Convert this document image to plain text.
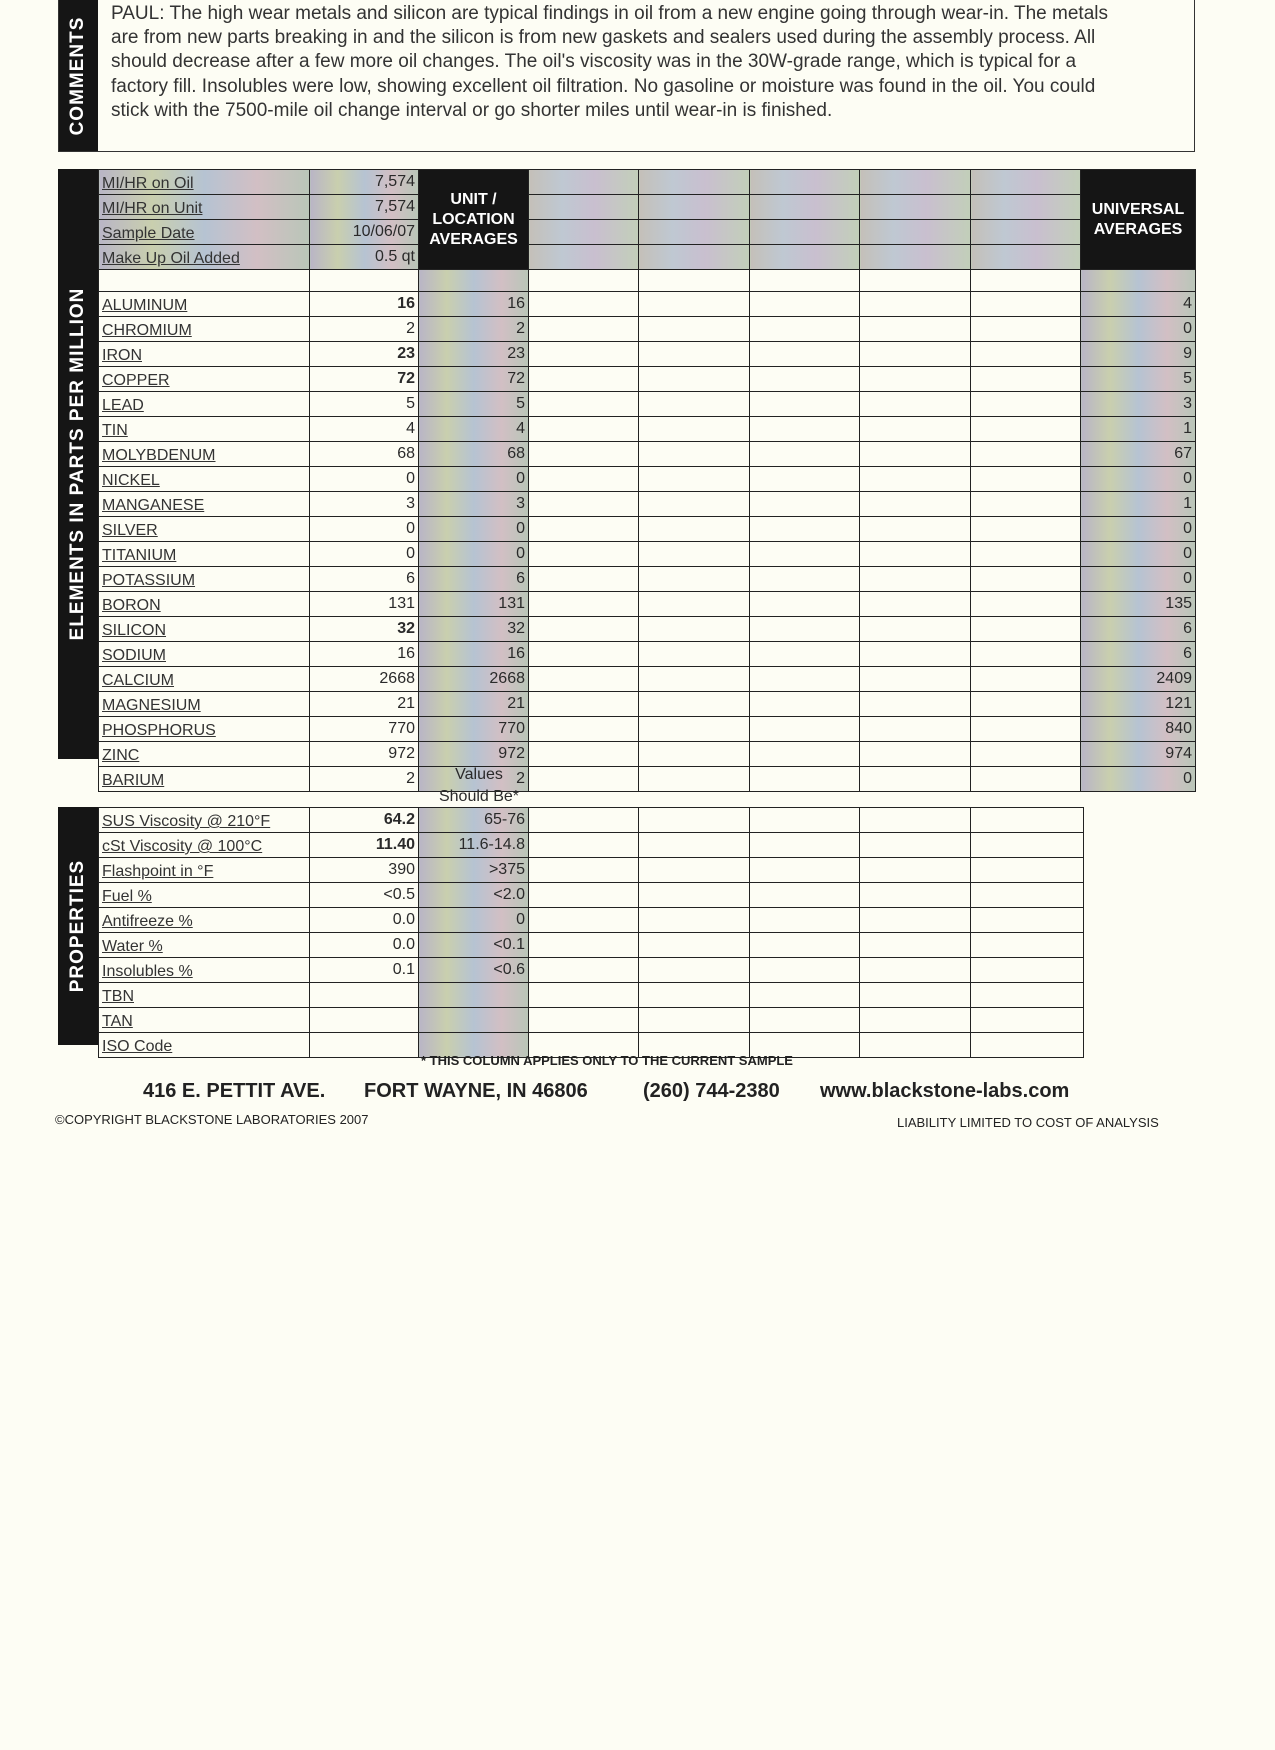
COMMENTS
PAUL: The high wear metals and silicon are typical findings in oil from a new engine going through wear-in. The metals are from new parts breaking in and the silicon is from new gaskets and sealers used during the assembly process. All should decrease after a few more oil changes. The oil's viscosity was in the 30W-grade range, which is typical for a factory fill. Insolubles were low, showing excellent oil filtration. No gasoline or moisture was found in the oil. You could stick with the 7500-mile oil change interval or go shorter miles until wear-in is finished.
ELEMENTS IN PARTS PER MILLION
MI/HR on Oil	7,574	UNIT / LOCATION AVERAGES						UNIVERSAL AVERAGES
MI/HR on Unit	7,574							
Sample Date	10/06/07							
Make Up Oil Added	0.5 qt							

ALUMINUM	16	16						4
CHROMIUM	2	2						0
IRON	23	23						9
COPPER	72	72						5
LEAD	5	5						3
TIN	4	4						1
MOLYBDENUM	68	68						67
NICKEL	0	0						0
MANGANESE	3	3						1
SILVER	0	0						0
TITANIUM	0	0						0
POTASSIUM	6	6						0
BORON	131	131						135
SILICON	32	32						6
SODIUM	16	16						6
CALCIUM	2668	2668						2409
MAGNESIUM	21	21						121
PHOSPHORUS	770	770						840
ZINC	972	972						974
BARIUM	2	2						0
Values Should Be*
PROPERTIES
SUS Viscosity @ 210°F	64.2	65-76					
cSt Viscosity @ 100°C	11.40	11.6-14.8					
Flashpoint in °F	390	>375					
Fuel %	<0.5	<2.0					
Antifreeze %	0.0	0					
Water %	0.0	<0.1					
Insolubles %	0.1	<0.6					
TBN							
TAN							
ISO Code							
* THIS COLUMN APPLIES ONLY TO THE CURRENT SAMPLE
416 E. PETTIT AVE. FORT WAYNE, IN 46806	(260) 744-2380 www.blackstone-labs.com
©COPYRIGHT BLACKSTONE LABORATORIES 2007	LIABILITY LIMITED TO COST OF ANALYSIS
